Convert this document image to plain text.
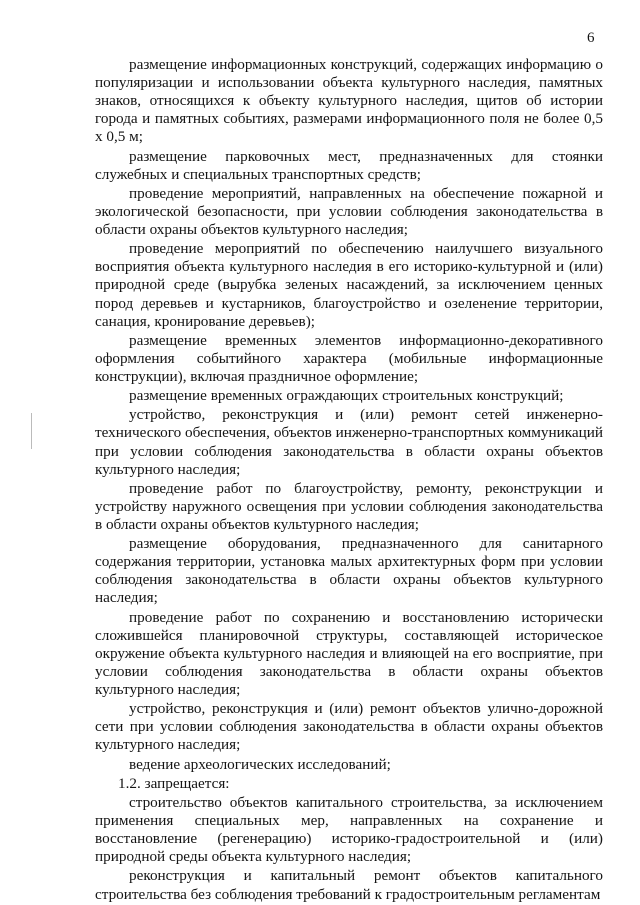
6

размещение информационных конструкций, содержащих информацию о популяризации и использовании объекта культурного наследия, памятных знаков, относящихся к объекту культурного наследия, щитов об истории города и памятных событиях, размерами информационного поля не более 0,5 х 0,5 м;

размещение парковочных мест, предназначенных для стоянки служебных и специальных транспортных средств;

проведение мероприятий, направленных на обеспечение пожарной и экологической безопасности, при условии соблюдения законодательства в области охраны объектов культурного наследия;

проведение мероприятий по обеспечению наилучшего визуального восприятия объекта культурного наследия в его историко-культурной и (или) природной среде (вырубка зеленых насаждений, за исключением ценных пород деревьев и кустарников, благоустройство и озеленение территории, санация, кронирование деревьев);

размещение временных элементов информационно-декоративного оформления событийного характера (мобильные информационные конструкции), включая праздничное оформление;

размещение временных ограждающих строительных конструкций;

устройство, реконструкция и (или) ремонт сетей инженерно-технического обеспечения, объектов инженерно-транспортных коммуникаций при условии соблюдения законодательства в области охраны объектов культурного наследия;

проведение работ по благоустройству, ремонту, реконструкции и устройству наружного освещения при условии соблюдения законодательства в области охраны объектов культурного наследия;

размещение оборудования, предназначенного для санитарного содержания территории, установка малых архитектурных форм при условии соблюдения законодательства в области охраны объектов культурного наследия;

проведение работ по сохранению и восстановлению исторически сложившейся планировочной структуры, составляющей историческое окружение объекта культурного наследия и влияющей на его восприятие, при условии соблюдения законодательства в области охраны объектов культурного наследия;

устройство, реконструкция и (или) ремонт объектов улично-дорожной сети при условии соблюдения законодательства в области охраны объектов культурного наследия;

ведение археологических исследований;

1.2. запрещается:

строительство объектов капитального строительства, за исключением применения специальных мер, направленных на сохранение и восстановление (регенерацию) историко-градостроительной и (или) природной среды объекта культурного наследия;

реконструкция и капитальный ремонт объектов капитального строительства без соблюдения требований к градостроительным регламентам
